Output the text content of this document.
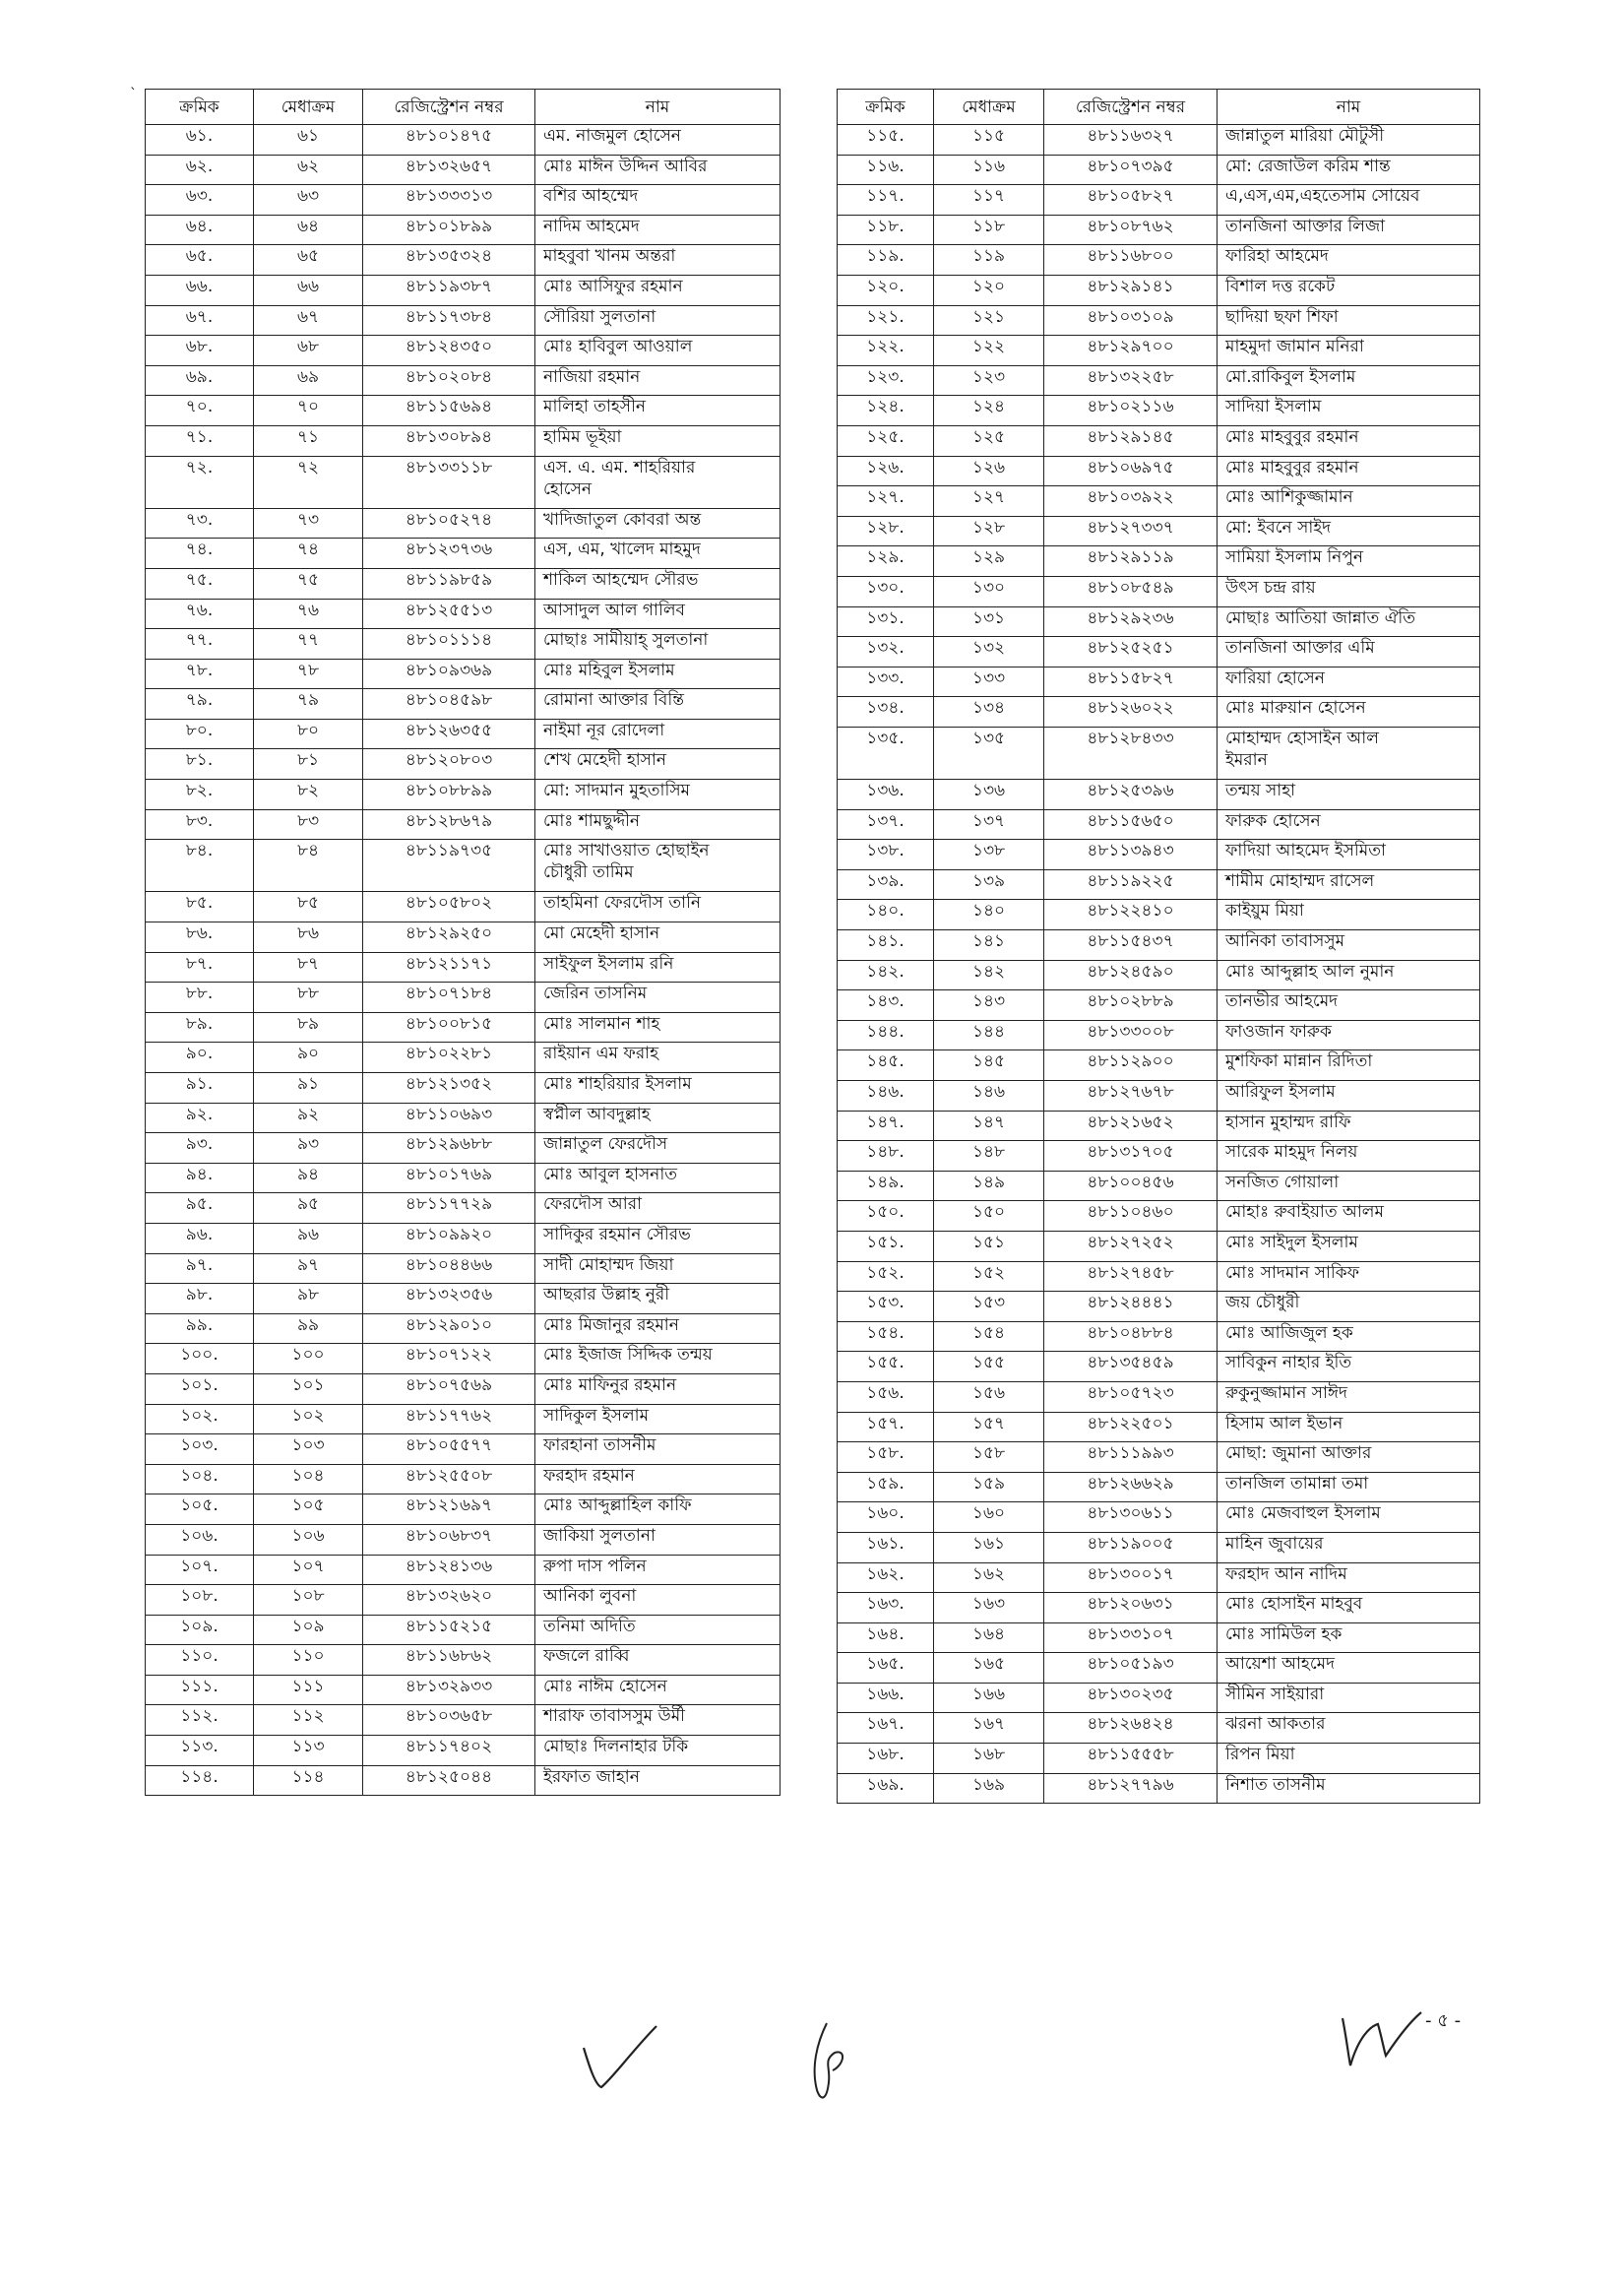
ˋ
ক্রমিক	মেধাক্রম	রেজিস্ট্রেশন নম্বর	নাম
৬১.	৬১	৪৮১০১৪৭৫	এম. নাজমুল হোসেন
৬২.	৬২	৪৮১৩২৬৫৭	মোঃ মাঈন উদ্দিন আবির
৬৩.	৬৩	৪৮১৩৩৩১৩	বশির আহম্মেদ
৬৪.	৬৪	৪৮১০১৮৯৯	নাদিম আহমেদ
৬৫.	৬৫	৪৮১৩৫৩২৪	মাহবুবা খানম অন্তরা
৬৬.	৬৬	৪৮১১৯৩৮৭	মোঃ আসিফুর রহমান
৬৭.	৬৭	৪৮১১৭৩৮৪	সৌরিয়া সুলতানা
৬৮.	৬৮	৪৮১২৪৩৫০	মোঃ হাবিবুল আওয়াল
৬৯.	৬৯	৪৮১০২০৮৪	নাজিয়া রহমান
৭০.	৭০	৪৮১১৫৬৯৪	মালিহা তাহসীন
৭১.	৭১	৪৮১৩০৮৯৪	হামিম ভূইয়া
৭২.	৭২	৪৮১৩৩১১৮	এস. এ. এম. শাহরিয়ার
হোসেন
৭৩.	৭৩	৪৮১০৫২৭৪	খাদিজাতুল কোবরা অন্ত
৭৪.	৭৪	৪৮১২৩৭৩৬	এস, এম, খালেদ মাহমুদ
৭৫.	৭৫	৪৮১১৯৮৫৯	শাকিল আহম্মেদ সৌরভ
৭৬.	৭৬	৪৮১২৫৫১৩	আসাদুল আল গালিব
৭৭.	৭৭	৪৮১০১১১৪	মোছাঃ সামীয়াহ্ সুলতানা
৭৮.	৭৮	৪৮১০৯৩৬৯	মোঃ মহিবুল ইসলাম
৭৯.	৭৯	৪৮১০৪৫৯৮	রোমানা আক্তার বিন্তি
৮০.	৮০	৪৮১২৬৩৫৫	নাইমা নূর রোদেলা
৮১.	৮১	৪৮১২০৮০৩	শেখ মেহেদী হাসান
৮২.	৮২	৪৮১০৮৮৯৯	মো: সাদমান মুহতাসিম
৮৩.	৮৩	৪৮১২৮৬৭৯	মোঃ শামছুদ্দীন
৮৪.	৮৪	৪৮১১৯৭৩৫	মোঃ সাখাওয়াত হোছাইন
চৌধুরী তামিম
৮৫.	৮৫	৪৮১০৫৮০২	তাহমিনা ফেরদৌস তানি
৮৬.	৮৬	৪৮১২৯২৫০	মো মেহেদী হাসান
৮৭.	৮৭	৪৮১২১১৭১	সাইফুল ইসলাম রনি
৮৮.	৮৮	৪৮১০৭১৮৪	জেরিন তাসনিম
৮৯.	৮৯	৪৮১০০৮১৫	মোঃ সালমান শাহ
৯০.	৯০	৪৮১০২২৮১	রাইয়ান এম ফরাহ
৯১.	৯১	৪৮১২১৩৫২	মোঃ শাহরিয়ার ইসলাম
৯২.	৯২	৪৮১১০৬৯৩	স্বপ্নীল আবদুল্লাহ
৯৩.	৯৩	৪৮১২৯৬৮৮	জান্নাতুল ফেরদৌস
৯৪.	৯৪	৪৮১০১৭৬৯	মোঃ আবুল হাসনাত
৯৫.	৯৫	৪৮১১৭৭২৯	ফেরদৌস আরা
৯৬.	৯৬	৪৮১০৯৯২০	সাদিকুর রহমান সৌরভ
৯৭.	৯৭	৪৮১০৪৪৬৬	সাদী মোহাম্মদ জিয়া
৯৮.	৯৮	৪৮১৩২৩৫৬	আছরার উল্লাহ নুরী
৯৯.	৯৯	৪৮১২৯০১০	মোঃ মিজানুর রহমান
১০০.	১০০	৪৮১০৭১২২	মোঃ ইজাজ সিদ্দিক তন্ময়
১০১.	১০১	৪৮১০৭৫৬৯	মোঃ মাফিনুর রহমান
১০২.	১০২	৪৮১১৭৭৬২	সাদিকুল ইসলাম
১০৩.	১০৩	৪৮১০৫৫৭৭	ফারহানা তাসনীম
১০৪.	১০৪	৪৮১২৫৫০৮	ফরহাদ রহমান
১০৫.	১০৫	৪৮১২১৬৯৭	মোঃ আব্দুল্লাহিল কাফি
১০৬.	১০৬	৪৮১০৬৮৩৭	জাকিয়া সুলতানা
১০৭.	১০৭	৪৮১২৪১৩৬	রুপা দাস পলিন
১০৮.	১০৮	৪৮১৩২৬২০	আনিকা লুবনা
১০৯.	১০৯	৪৮১১৫২১৫	তনিমা অদিতি
১১০.	১১০	৪৮১১৬৮৬২	ফজলে রাব্বি
১১১.	১১১	৪৮১৩২৯৩৩	মোঃ নাঈম হোসেন
১১২.	১১২	৪৮১০৩৬৫৮	শারাফ তাবাসসুম উর্মী
১১৩.	১১৩	৪৮১১৭৪০২	মোছাঃ দিলনাহার টকি
১১৪.	১১৪	৪৮১২৫০৪৪	ইরফাত জাহান
ক্রমিক	মেধাক্রম	রেজিস্ট্রেশন নম্বর	নাম
১১৫.	১১৫	৪৮১১৬৩২৭	জান্নাতুল মারিয়া মৌটুসী
১১৬.	১১৬	৪৮১০৭৩৯৫	মো: রেজাউল করিম শান্ত
১১৭.	১১৭	৪৮১০৫৮২৭	এ,এস,এম,এহতেসাম সোয়েব
১১৮.	১১৮	৪৮১০৮৭৬২	তানজিনা আক্তার লিজা
১১৯.	১১৯	৪৮১১৬৮০০	ফারিহা আহমেদ
১২০.	১২০	৪৮১২৯১৪১	বিশাল দত্ত রকেট
১২১.	১২১	৪৮১০৩১০৯	ছাদিয়া ছফা শিফা
১২২.	১২২	৪৮১২৯৭০০	মাহমুদা জামান মনিরা
১২৩.	১২৩	৪৮১৩২২৫৮	মো.রাকিবুল ইসলাম
১২৪.	১২৪	৪৮১০২১১৬	সাদিয়া ইসলাম
১২৫.	১২৫	৪৮১২৯১৪৫	মোঃ মাহবুবুর রহমান
১২৬.	১২৬	৪৮১০৬৯৭৫	মোঃ মাহবুবুর রহমান
১২৭.	১২৭	৪৮১০৩৯২২	মোঃ আশিকুজ্জামান
১২৮.	১২৮	৪৮১২৭৩৩৭	মো: ইবনে সাইদ
১২৯.	১২৯	৪৮১২৯১১৯	সামিয়া ইসলাম নিপুন
১৩০.	১৩০	৪৮১০৮৫৪৯	উৎস চন্দ্র রায়
১৩১.	১৩১	৪৮১২৯২৩৬	মোছাঃ আতিয়া জান্নাত ঐতি
১৩২.	১৩২	৪৮১২৫২৫১	তানজিনা আক্তার এমি
১৩৩.	১৩৩	৪৮১১৫৮২৭	ফারিয়া হোসেন
১৩৪.	১৩৪	৪৮১২৬০২২	মোঃ মারুয়ান হোসেন
১৩৫.	১৩৫	৪৮১২৮৪৩৩	মোহাম্মদ হোসাইন আল
ইমরান
১৩৬.	১৩৬	৪৮১২৫৩৯৬	তন্ময় সাহা
১৩৭.	১৩৭	৪৮১১৫৬৫০	ফারুক হোসেন
১৩৮.	১৩৮	৪৮১১৩৯৪৩	ফাদিয়া আহমেদ ইসমিতা
১৩৯.	১৩৯	৪৮১১৯২২৫	শামীম মোহাম্মদ রাসেল
১৪০.	১৪০	৪৮১২২৪১০	কাইয়ুম মিয়া
১৪১.	১৪১	৪৮১১৫৪৩৭	আনিকা তাবাসসুম
১৪২.	১৪২	৪৮১২৪৫৯০	মোঃ আব্দুল্লাহ আল নুমান
১৪৩.	১৪৩	৪৮১০২৮৮৯	তানভীর আহমেদ
১৪৪.	১৪৪	৪৮১৩৩০০৮	ফাওজান ফারুক
১৪৫.	১৪৫	৪৮১১২৯০০	মুশফিকা মান্নান রিদিতা
১৪৬.	১৪৬	৪৮১২৭৬৭৮	আরিফুল ইসলাম
১৪৭.	১৪৭	৪৮১২১৬৫২	হাসান মুহাম্মদ রাফি
১৪৮.	১৪৮	৪৮১৩১৭০৫	সারেক মাহমুদ নিলয়
১৪৯.	১৪৯	৪৮১০০৪৫৬	সনজিত গোয়ালা
১৫০.	১৫০	৪৮১১০৪৬০	মোহাঃ রুবাইয়াত আলম
১৫১.	১৫১	৪৮১২৭২৫২	মোঃ সাইদুল ইসলাম
১৫২.	১৫২	৪৮১২৭৪৫৮	মোঃ সাদমান সাকিফ
১৫৩.	১৫৩	৪৮১২৪৪৪১	জয় চৌধুরী
১৫৪.	১৫৪	৪৮১০৪৮৮৪	মোঃ আজিজুল হক
১৫৫.	১৫৫	৪৮১৩৫৪৫৯	সাবিকুন নাহার ইতি
১৫৬.	১৫৬	৪৮১০৫৭২৩	রুকুনুজ্জামান সাঈদ
১৫৭.	১৫৭	৪৮১২২৫০১	হিসাম আল ইভান
১৫৮.	১৫৮	৪৮১১১৯৯৩	মোছা: জুমানা আক্তার
১৫৯.	১৫৯	৪৮১২৬৬২৯	তানজিল তামান্না তমা
১৬০.	১৬০	৪৮১৩০৬১১	মোঃ মেজবাহুল ইসলাম
১৬১.	১৬১	৪৮১১৯০০৫	মাহিন জুবায়ের
১৬২.	১৬২	৪৮১৩০০১৭	ফরহাদ আন নাদিম
১৬৩.	১৬৩	৪৮১২০৬৩১	মোঃ হোসাইন মাহবুব
১৬৪.	১৬৪	৪৮১৩৩১০৭	মোঃ সামিউল হক
১৬৫.	১৬৫	৪৮১০৫১৯৩	আয়েশা আহমেদ
১৬৬.	১৬৬	৪৮১৩০২৩৫	সীমিন সাইয়ারা
১৬৭.	১৬৭	৪৮১২৬৪২৪	ঝরনা আকতার
১৬৮.	১৬৮	৪৮১১৫৫৫৮	রিপন মিয়া
১৬৯.	১৬৯	৪৮১২৭৭৯৬	নিশাত তাসনীম
- ৫ -
